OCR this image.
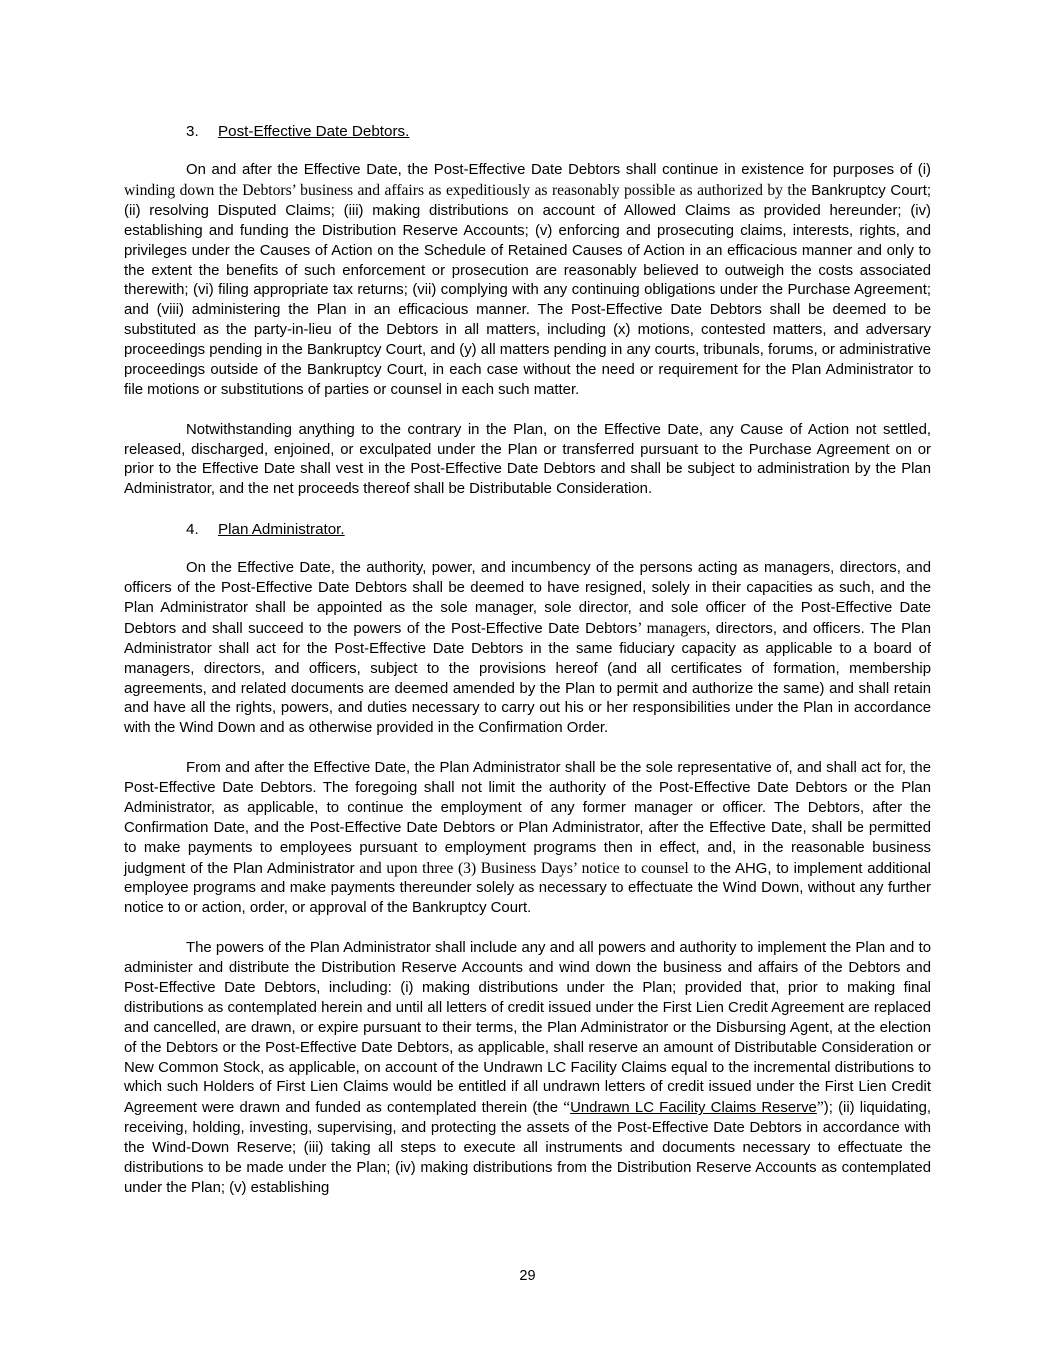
3. Post-Effective Date Debtors.

On and after the Effective Date, the Post-Effective Date Debtors shall continue in existence for purposes of (i) winding down the Debtors’ business and affairs as expeditiously as reasonably possible as authorized by the Bankruptcy Court; (ii) resolving Disputed Claims; (iii) making distributions on account of Allowed Claims as provided hereunder; (iv) establishing and funding the Distribution Reserve Accounts; (v) enforcing and prosecuting claims, interests, rights, and privileges under the Causes of Action on the Schedule of Retained Causes of Action in an efficacious manner and only to the extent the benefits of such enforcement or prosecution are reasonably believed to outweigh the costs associated therewith; (vi) filing appropriate tax returns; (vii) complying with any continuing obligations under the Purchase Agreement; and (viii) administering the Plan in an efficacious manner. The Post-Effective Date Debtors shall be deemed to be substituted as the party-in-lieu of the Debtors in all matters, including (x) motions, contested matters, and adversary proceedings pending in the Bankruptcy Court, and (y) all matters pending in any courts, tribunals, forums, or administrative proceedings outside of the Bankruptcy Court, in each case without the need or requirement for the Plan Administrator to file motions or substitutions of parties or counsel in each such matter.

Notwithstanding anything to the contrary in the Plan, on the Effective Date, any Cause of Action not settled, released, discharged, enjoined, or exculpated under the Plan or transferred pursuant to the Purchase Agreement on or prior to the Effective Date shall vest in the Post-Effective Date Debtors and shall be subject to administration by the Plan Administrator, and the net proceeds thereof shall be Distributable Consideration.

4. Plan Administrator.

On the Effective Date, the authority, power, and incumbency of the persons acting as managers, directors, and officers of the Post-Effective Date Debtors shall be deemed to have resigned, solely in their capacities as such, and the Plan Administrator shall be appointed as the sole manager, sole director, and sole officer of the Post-Effective Date Debtors and shall succeed to the powers of the Post-Effective Date Debtors’ managers, directors, and officers. The Plan Administrator shall act for the Post-Effective Date Debtors in the same fiduciary capacity as applicable to a board of managers, directors, and officers, subject to the provisions hereof (and all certificates of formation, membership agreements, and related documents are deemed amended by the Plan to permit and authorize the same) and shall retain and have all the rights, powers, and duties necessary to carry out his or her responsibilities under the Plan in accordance with the Wind Down and as otherwise provided in the Confirmation Order.

From and after the Effective Date, the Plan Administrator shall be the sole representative of, and shall act for, the Post-Effective Date Debtors. The foregoing shall not limit the authority of the Post-Effective Date Debtors or the Plan Administrator, as applicable, to continue the employment of any former manager or officer. The Debtors, after the Confirmation Date, and the Post-Effective Date Debtors or Plan Administrator, after the Effective Date, shall be permitted to make payments to employees pursuant to employment programs then in effect, and, in the reasonable business judgment of the Plan Administrator and upon three (3) Business Days’ notice to counsel to the AHG, to implement additional employee programs and make payments thereunder solely as necessary to effectuate the Wind Down, without any further notice to or action, order, or approval of the Bankruptcy Court.

The powers of the Plan Administrator shall include any and all powers and authority to implement the Plan and to administer and distribute the Distribution Reserve Accounts and wind down the business and affairs of the Debtors and Post-Effective Date Debtors, including: (i) making distributions under the Plan; provided that, prior to making final distributions as contemplated herein and until all letters of credit issued under the First Lien Credit Agreement are replaced and cancelled, are drawn, or expire pursuant to their terms, the Plan Administrator or the Disbursing Agent, at the election of the Debtors or the Post-Effective Date Debtors, as applicable, shall reserve an amount of Distributable Consideration or New Common Stock, as applicable, on account of the Undrawn LC Facility Claims equal to the incremental distributions to which such Holders of First Lien Claims would be entitled if all undrawn letters of credit issued under the First Lien Credit Agreement were drawn and funded as contemplated therein (the “Undrawn LC Facility Claims Reserve”); (ii) liquidating, receiving, holding, investing, supervising, and protecting the assets of the Post-Effective Date Debtors in accordance with the Wind-Down Reserve; (iii) taking all steps to execute all instruments and documents necessary to effectuate the distributions to be made under the Plan; (iv) making distributions from the Distribution Reserve Accounts as contemplated under the Plan; (v) establishing

29
